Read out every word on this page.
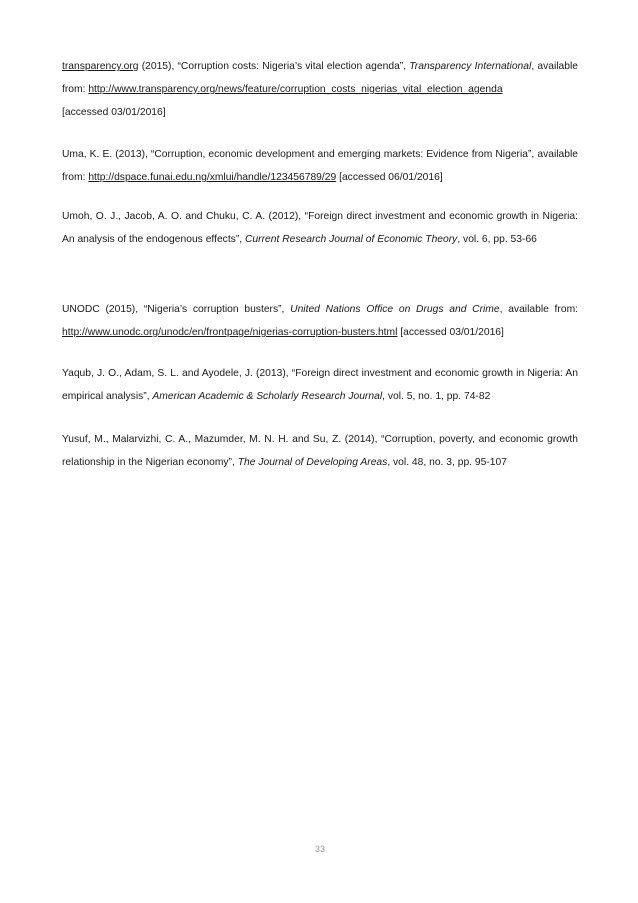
transparency.org (2015), “Corruption costs: Nigeria’s vital election agenda”, Transparency International, available from: http://www.transparency.org/news/feature/corruption_costs_nigerias_vital_election_agenda

[accessed 03/01/2016]

Uma, K. E. (2013), “Corruption, economic development and emerging markets: Evidence from Nigeria”, available from: http://dspace.funai.edu.ng/xmlui/handle/123456789/29 [accessed 06/01/2016]

Umoh, O. J., Jacob, A. O. and Chuku, C. A. (2012), “Foreign direct investment and economic growth in Nigeria: An analysis of the endogenous effects”, Current Research Journal of Economic Theory, vol. 6, pp. 53-66

UNODC (2015), “Nigeria’s corruption busters”, United Nations Office on Drugs and Crime, available from: http://www.unodc.org/unodc/en/frontpage/nigerias-corruption-busters.html [accessed 03/01/2016]

Yaqub, J. O., Adam, S. L. and Ayodele, J. (2013), “Foreign direct investment and economic growth in Nigeria: An empirical analysis”, American Academic & Scholarly Research Journal, vol. 5, no. 1, pp. 74-82

Yusuf, M., Malarvizhi, C. A., Mazumder, M. N. H. and Su, Z. (2014), “Corruption, poverty, and economic growth relationship in the Nigerian economy”, The Journal of Developing Areas, vol. 48, no. 3, pp. 95-107

33
